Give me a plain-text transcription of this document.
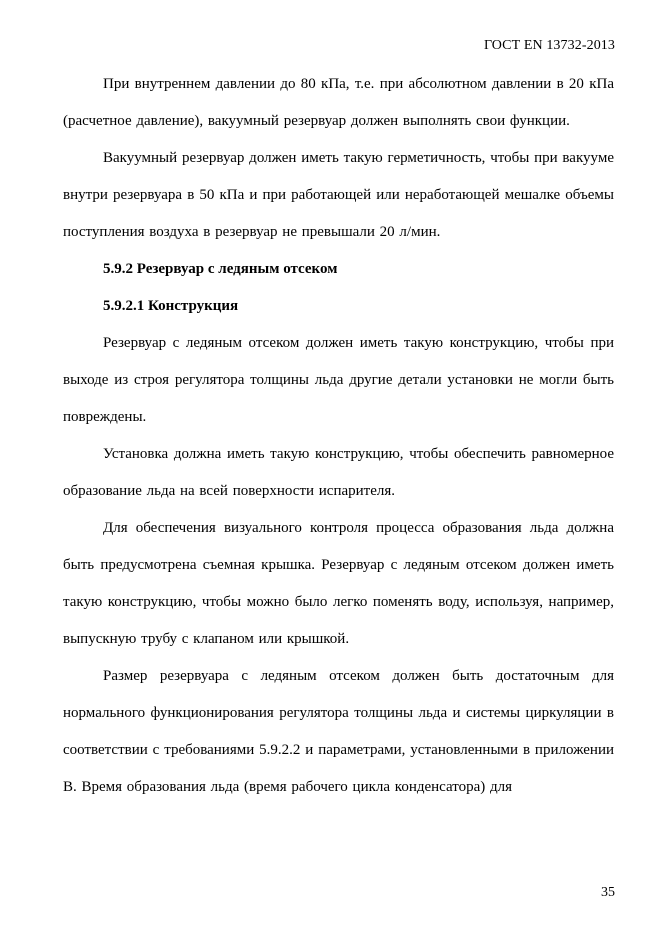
ГОСТ EN 13732-2013

При внутреннем давлении до 80 кПа, т.е. при абсолютном давлении в 20 кПа (расчетное давление), вакуумный резервуар должен выполнять свои функции.

Вакуумный резервуар должен иметь такую герметичность, чтобы при вакууме внутри резервуара в 50 кПа и при работающей или неработающей мешалке объемы поступления воздуха в резервуар не превышали 20 л/мин.

5.9.2 Резервуар с ледяным отсеком
5.9.2.1 Конструкция

Резервуар с ледяным отсеком должен иметь такую конструкцию, чтобы при выходе из строя регулятора толщины льда другие детали установки не могли быть повреждены.

Установка должна иметь такую конструкцию, чтобы обеспечить равномерное образование льда на всей поверхности испарителя.

Для обеспечения визуального контроля процесса образования льда должна быть предусмотрена съемная крышка. Резервуар с ледяным отсеком должен иметь такую конструкцию, чтобы можно было легко поменять воду, используя, например, выпускную трубу с клапаном или крышкой.

Размер резервуара с ледяным отсеком должен быть достаточным для нормального функционирования регулятора толщины льда и системы циркуляции в соответствии с требованиями 5.9.2.2 и параметрами, установленными в приложении В. Время образования льда (время рабочего цикла конденсатора) для

35
